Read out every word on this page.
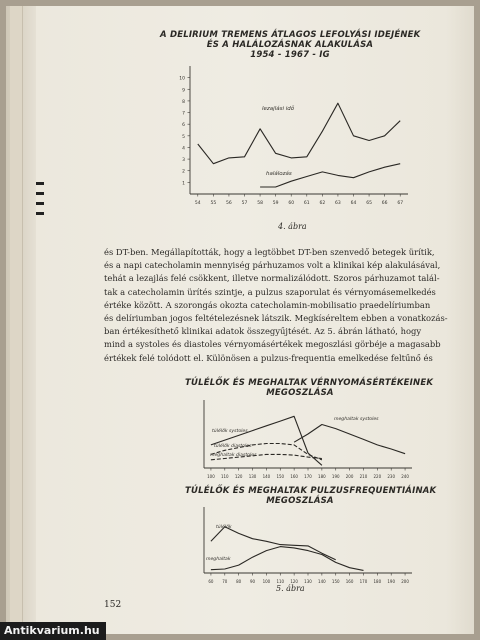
A DELIRIUM TREMENS ÁTLAGOS LEFOLYÁSI IDEJÉNEK
ÉS A HALÁLOZÁSNAK ALAKULÁSA
1954 - 1967 - IG
54 55 56 57 58 59 60 61 62 63 64 65 66 67
1
2
3
4
5
6
7
8
9
10
lezajlási idő
halálozás
4. ábra

és DT-ben. Megállapították, hogy a legtöbbet DT-ben szenvedő betegek ürítik,

és a napi catecholamin mennyiség párhuzamos volt a klinikai kép alakulásával,

tehát a lezajlás felé csökkent, illetve normalizálódott. Szoros párhuzamot talál-

tak a catecholamin ürítés szintje, a pulzus szaporulat és vérnyomásemelkedés

értéke között. A szorongás okozta catecholamin-mobilisatio praedelíriumban

és delíriumban jogos feltételezésnek látszik. Megkíséreltem ebben a vonatkozás-

ban értékesíthető klinikai adatok összegyűjtését. Az 5. ábrán látható, hogy

mind a systoles és diastoles vérnyomásértékek megoszlási görbéje a magasabb

értékek felé tolódott el. Különösen a pulzus-frequentia emelkedése feltűnő és

TÚLÉLŐK ÉS MEGHALTAK VÉRNYOMÁSÉRTÉKEINEK
MEGOSZLÁSA
100 110 120 130 140 150 160 170 180 190 200 210 220 230 240
túlélők systoles
meghaltak systoles
túlélők diastoles
meghaltak diastoles
TÚLÉLŐK ÉS MEGHALTAK PULZUSFREQUENTIÁINAK
MEGOSZLÁSA
60 70 80 90 100 110 120 130 140 150 160 170 180 190 200
túlélők
meghaltak
5. ábra
152
Antikvarium.hu
